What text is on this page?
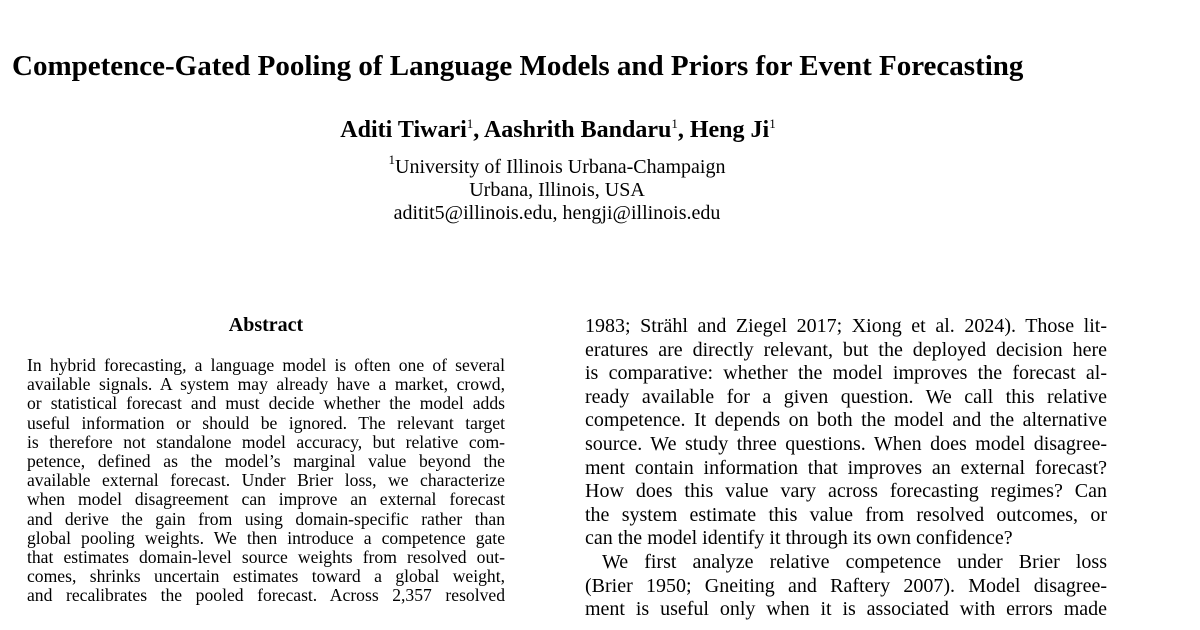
Competence-Gated Pooling of Language Models and Priors for Event Forecasting
Aditi Tiwari$^1$, Aashrith Bandaru$^1$, Heng Ji$^1$
$^1$University of Illinois Urbana-Champaign
Urbana, Illinois, USA
aditit5@illinois.edu, hengji@illinois.edu
Abstract
In hybrid forecasting, a language model is often one of several
available signals. A system may already have a market, crowd,
or statistical forecast and must decide whether the model adds
useful information or should be ignored. The relevant target
is therefore not standalone model accuracy, but relative com-
petence, defined as the model’s marginal value beyond the
available external forecast. Under Brier loss, we characterize
when model disagreement can improve an external forecast
and derive the gain from using domain-specific rather than
global pooling weights. We then introduce a competence gate
that estimates domain-level source weights from resolved out-
comes, shrinks uncertain estimates toward a global weight,
and recalibrates the pooled forecast. Across 2,357 resolved
1983; Strähl and Ziegel 2017; Xiong et al. 2024). Those lit-
eratures are directly relevant, but the deployed decision here
is comparative: whether the model improves the forecast al-
ready available for a given question. We call this relative
competence. It depends on both the model and the alternative
source. We study three questions. When does model disagree-
ment contain information that improves an external forecast?
How does this value vary across forecasting regimes? Can
the system estimate this value from resolved outcomes, or
can the model identify it through its own confidence?
We first analyze relative competence under Brier loss
(Brier 1950; Gneiting and Raftery 2007). Model disagree-
ment is useful only when it is associated with errors made
